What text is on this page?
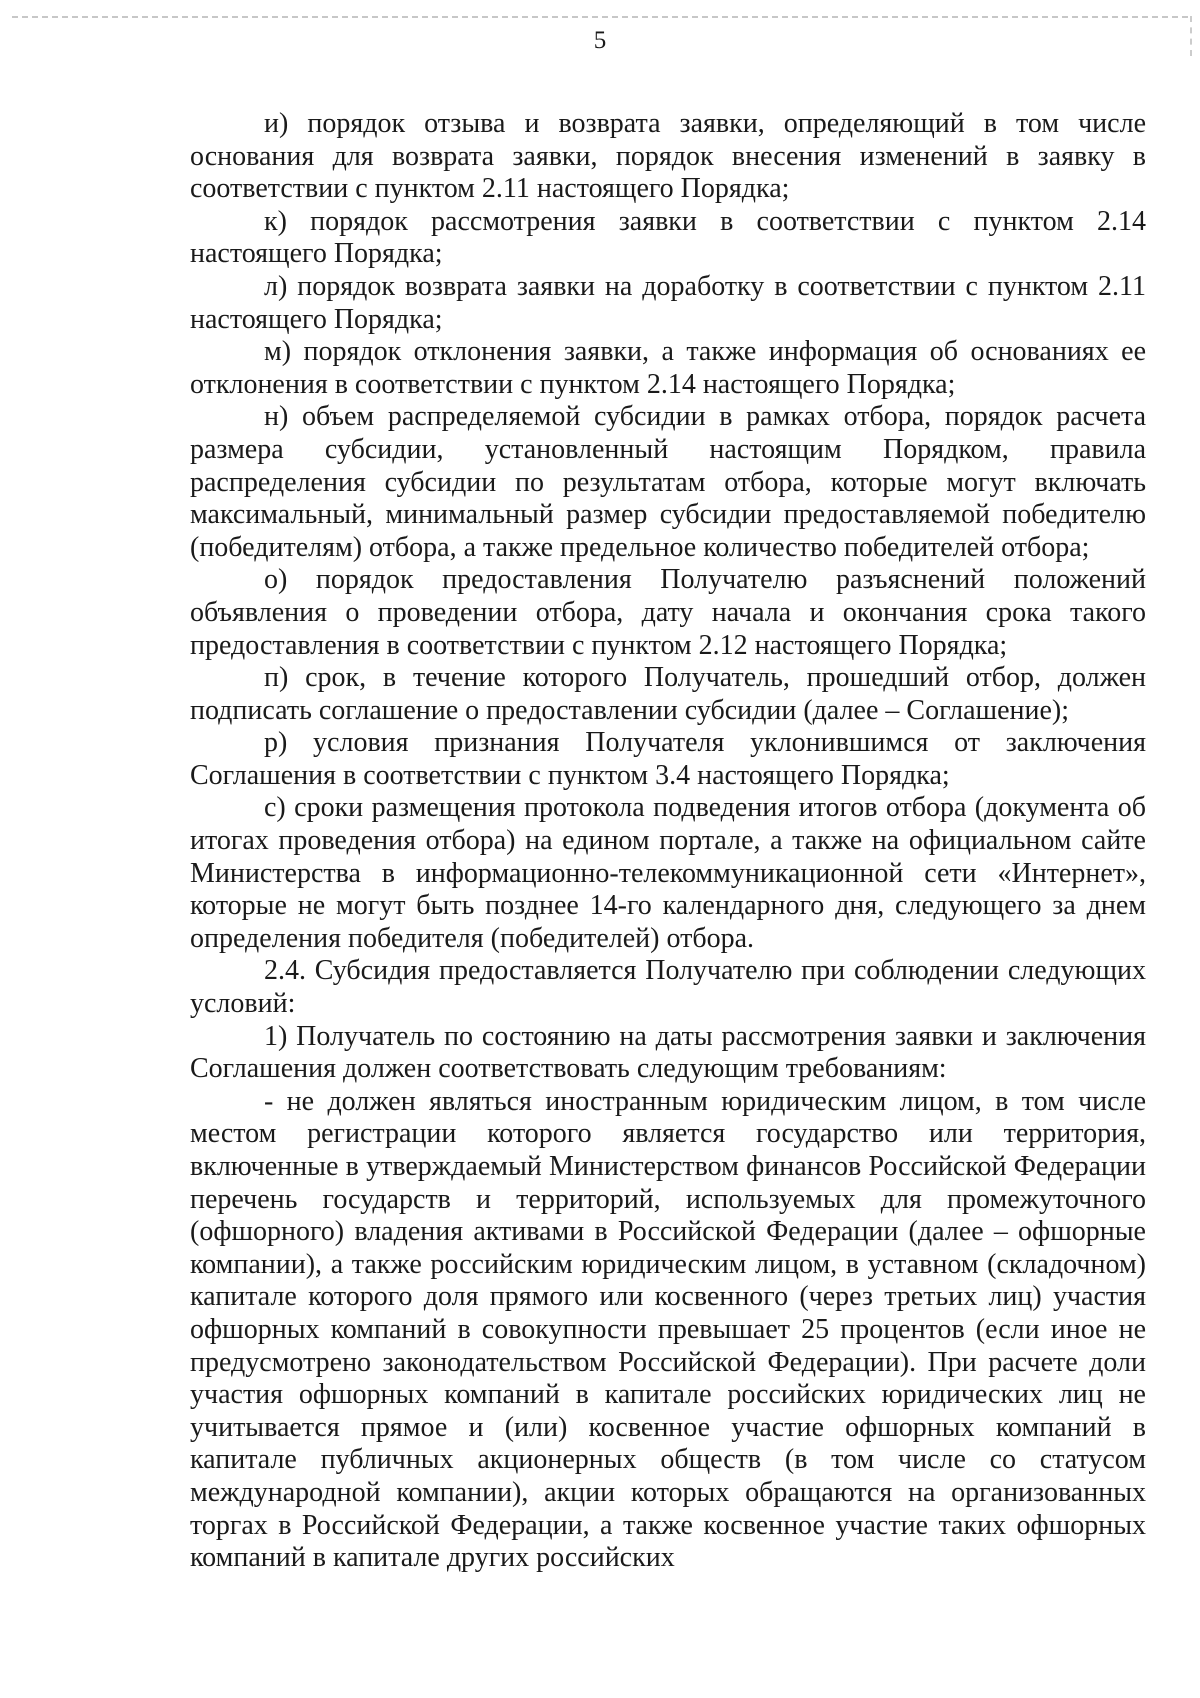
5

и) порядок отзыва и возврата заявки, определяющий в том числе основания для возврата заявки, порядок внесения изменений в заявку в соответствии с пунктом 2.11 настоящего Порядка;

к) порядок рассмотрения заявки в соответствии с пунктом 2.14 настоящего Порядка;

л) порядок возврата заявки на доработку в соответствии с пунктом 2.11 настоящего Порядка;

м) порядок отклонения заявки, а также информация об основаниях ее отклонения в соответствии с пунктом 2.14 настоящего Порядка;

н) объем распределяемой субсидии в рамках отбора, порядок расчета размера субсидии, установленный настоящим Порядком, правила распределения субсидии по результатам отбора, которые могут включать максимальный, минимальный размер субсидии предоставляемой победителю (победителям) отбора, а также предельное количество победителей отбора;

о) порядок предоставления Получателю разъяснений положений объявления о проведении отбора, дату начала и окончания срока такого предоставления в соответствии с пунктом 2.12 настоящего Порядка;

п) срок, в течение которого Получатель, прошедший отбор, должен подписать соглашение о предоставлении субсидии (далее – Соглашение);

р) условия признания Получателя уклонившимся от заключения Соглашения в соответствии с пунктом 3.4 настоящего Порядка;

с) сроки размещения протокола подведения итогов отбора (документа об итогах проведения отбора) на едином портале, а также на официальном сайте Министерства в информационно-телекоммуникационной сети «Интернет», которые не могут быть позднее 14-го календарного дня, следующего за днем определения победителя (победителей) отбора.

2.4. Субсидия предоставляется Получателю при соблюдении следующих условий:

1) Получатель по состоянию на даты рассмотрения заявки и заключения Соглашения должен соответствовать следующим требованиям:

- не должен являться иностранным юридическим лицом, в том числе местом регистрации которого является государство или территория, включенные в утверждаемый Министерством финансов Российской Федерации перечень государств и территорий, используемых для промежуточного (офшорного) владения активами в Российской Федерации (далее – офшорные компании), а также российским юридическим лицом, в уставном (складочном) капитале которого доля прямого или косвенного (через третьих лиц) участия офшорных компаний в совокупности превышает 25 процентов (если иное не предусмотрено законодательством Российской Федерации). При расчете доли участия офшорных компаний в капитале российских юридических лиц не учитывается прямое и (или) косвенное участие офшорных компаний в капитале публичных акционерных обществ (в том числе со статусом международной компании), акции которых обращаются на организованных торгах в Российской Федерации, а также косвенное участие таких офшорных компаний в капитале других российских
